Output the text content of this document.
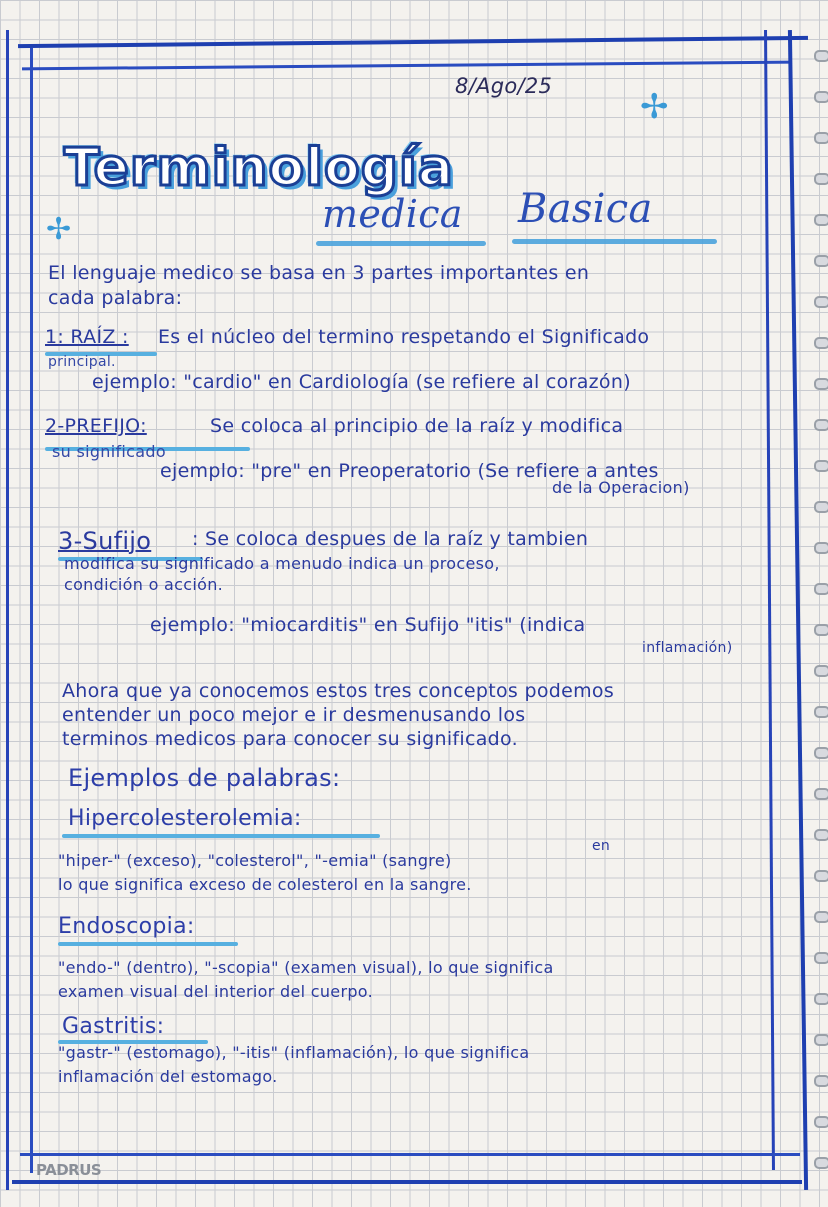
8/Ago/25
✢
✢
Terminología
medica Basica
El lenguaje medico se basa en 3 partes importantes en
cada palabra:
1: RAÍZ : Es el núcleo del termino respetando el Significado
principal.
ejemplo: "cardio" en Cardiología (se refiere al corazón)
2-PREFIJO:	Se coloca al principio de la raíz y modifica
su significado
ejemplo: "pre" en Preoperatorio (Se refiere a antes
de la Operacion)
3-Sufijo : Se coloca despues de la raíz y tambien
modifica su significado a menudo indica un proceso,
condición o acción.
ejemplo: "miocarditis" en Sufijo "itis" (indica
inflamación)
Ahora que ya conocemos estos tres conceptos podemos
entender un poco mejor e ir desmenusando los
terminos medicos para conocer su significado.
Ejemplos de palabras:
Hipercolesterolemia:
en
"hiper-" (exceso), "colesterol", "-emia" (sangre)
lo que significa exceso de colesterol en la sangre.
Endoscopia:
"endo-" (dentro), "-scopia" (examen visual), lo que significa
examen visual del interior del cuerpo.
Gastritis:
"gastr-" (estomago), "-itis" (inflamación), lo que significa
inflamación del estomago.
PADRUS
